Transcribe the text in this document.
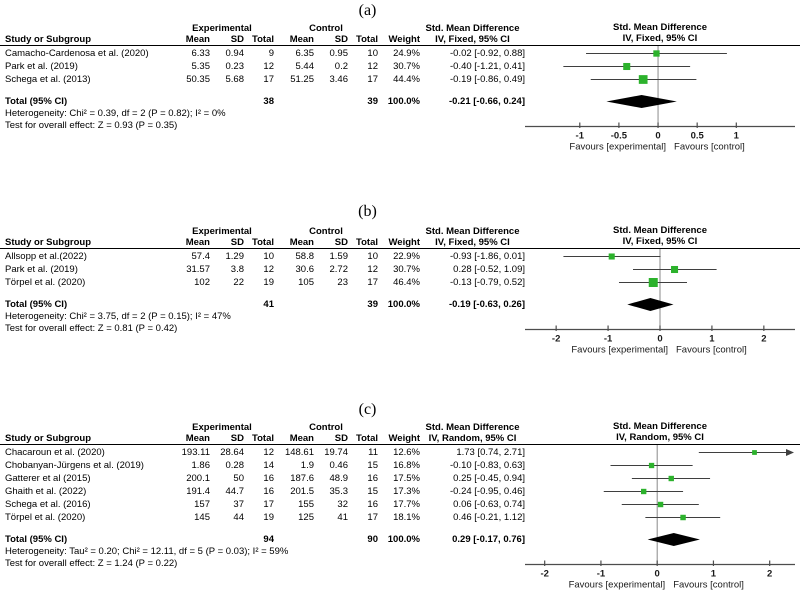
(a)
Experimental	Control	Std. Mean Difference
Study or Subgroup	Mean	SD Total	Mean	SD Total	Weight	IV, Fixed, 95% CI
Std. Mean Difference
IV, Fixed, 95% CI
Camacho-Cardenosa et al. (2020)	6.33	0.94	9	6.35	0.95	10	24.9%	-0.02 [-0.92, 0.88]
Park et al. (2019)	5.35	0.23	12	5.44	0.2	12	30.7%	-0.40 [-1.21, 0.41]
Schega et al. (2013)	50.35	5.68	17	51.25	3.46	17	44.4%	-0.19 [-0.86, 0.49]
Total (95% CI)	38	39	100.0%	-0.21 [-0.66, 0.24]
Heterogeneity: Chi² = 0.39, df = 2 (P = 0.82); I² = 0%
Test for overall effect: Z = 0.93 (P = 0.35)
-1	-0.5	0	0.5	1
Favours [experimental] Favours [control]
(b)
Experimental	Control	Std. Mean Difference
Study or Subgroup	Mean	SD Total	Mean	SD Total	Weight	IV, Fixed, 95% CI
Std. Mean Difference
IV, Fixed, 95% CI
Allsopp et al.(2022)	57.4	1.29	10	58.8	1.59	10	22.9%	-0.93 [-1.86, 0.01]
Park et al. (2019)	31.57	3.8	12	30.6	2.72	12	30.7%	0.28 [-0.52, 1.09]
Törpel et al. (2020)	102	22	19	105	23	17	46.4%	-0.13 [-0.79, 0.52]
Total (95% CI)	41	39	100.0%	-0.19 [-0.63, 0.26]
Heterogeneity: Chi² = 3.75, df = 2 (P = 0.15); I² = 47%
Test for overall effect: Z = 0.81 (P = 0.42)
-2	-1	0	1	2
Favours [experimental] Favours [control]
(c)
Experimental	Control	Std. Mean Difference
Study or Subgroup	Mean	SD Total	Mean	SD Total	Weight IV, Random, 95% CI
Std. Mean Difference
IV, Random, 95% CI
Chacaroun et al. (2020)	193.11	28.64	12	148.61	19.74	11	12.6%	1.73 [0.74, 2.71]
Chobanyan-Jürgens et al. (2019)	1.86	0.28	14	1.9	0.46	15	16.8%	-0.10 [-0.83, 0.63]
Gatterer et al (2015)	200.1	50	16	187.6	48.9	16	17.5%	0.25 [-0.45, 0.94]
Ghaith et al. (2022)	191.4	44.7	16	201.5	35.3	15	17.3%	-0.24 [-0.95, 0.46]
Schega et al. (2016)	157	37	17	155	32	16	17.7%	0.06 [-0.63, 0.74]
Törpel et al. (2020)	145	44	19	125	41	17	18.1%	0.46 [-0.21, 1.12]
Total (95% CI)	94	90	100.0%	0.29 [-0.17, 0.76]
Heterogeneity: Tau² = 0.20; Chi² = 12.11, df = 5 (P = 0.03); I² = 59%
Test for overall effect: Z = 1.24 (P = 0.22)
-2	-1	0	1	2
Favours [experimental] Favours [control]
